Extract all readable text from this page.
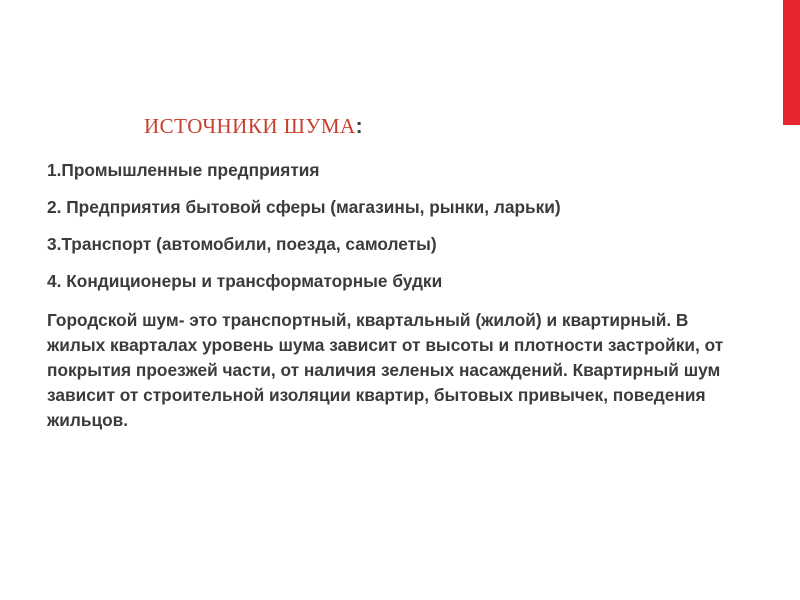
ИСТОЧНИКИ ШУМА:

1.Промышленные предприятия

2. Предприятия бытовой сферы (магазины, рынки, ларьки)

3.Транспорт (автомобили, поезда, самолеты)

4. Кондиционеры и трансформаторные будки

Городской шум- это транспортный, квартальный (жилой) и квартирный. В жилых кварталах уровень шума зависит от высоты и плотности застройки, от покрытия проезжей части, от наличия зеленых насаждений. Квартирный шум зависит от строительной изоляции квартир, бытовых привычек, поведения жильцов.
